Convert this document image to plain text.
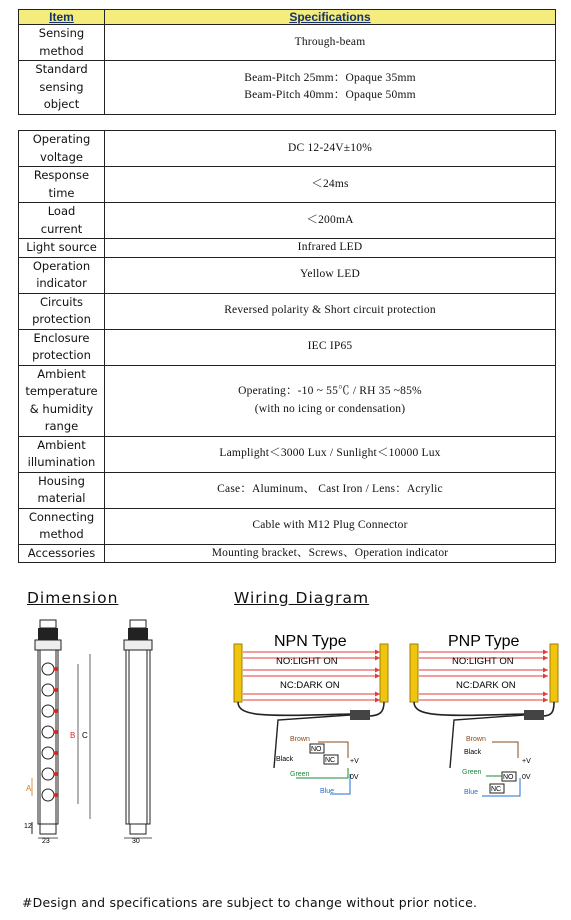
Item	Specifications

Sensing
method	Through-beam

Standard
sensing
object	Beam-Pitch 25mm：Opaque 35mm
Beam-Pitch 40mm：Opaque 50mm
Operating
voltage	DC 12-24V±10%

Response
time	＜24ms

Load
current	＜200mA

Light source	Infrared LED

Operation
indicator	Yellow LED

Circuits
protection	Reversed polarity & Short circuit protection

Enclosure
protection	IEC IP65

Ambient
temperature
& humidity
range	Operating：-10 ~ 55℃ / RH 35 ~85%
(with no icing or condensation)

Ambient
illumination	Lamplight＜3000 Lux / Sunlight＜10000 Lux

Housing
material	Case：Aluminum、 Cast Iron / Lens：Acrylic

Connecting
method	Cable with M12 Plug Connector

Accessories	Mounting bracket、Screws、Operation indicator
Dimension	Wiring Diagram
12
23
A
B C
30
NPN Type
NO:LIGHT ON
NC:DARK ON
Brown
Black
Green
Blue
NO
NC +V
0V
PNP Type
NO:LIGHT ON
NC:DARK ON
Brown
Black
Green
Blue
NO
NC
+V
0V
#Design and specifications are subject to change without prior notice.
